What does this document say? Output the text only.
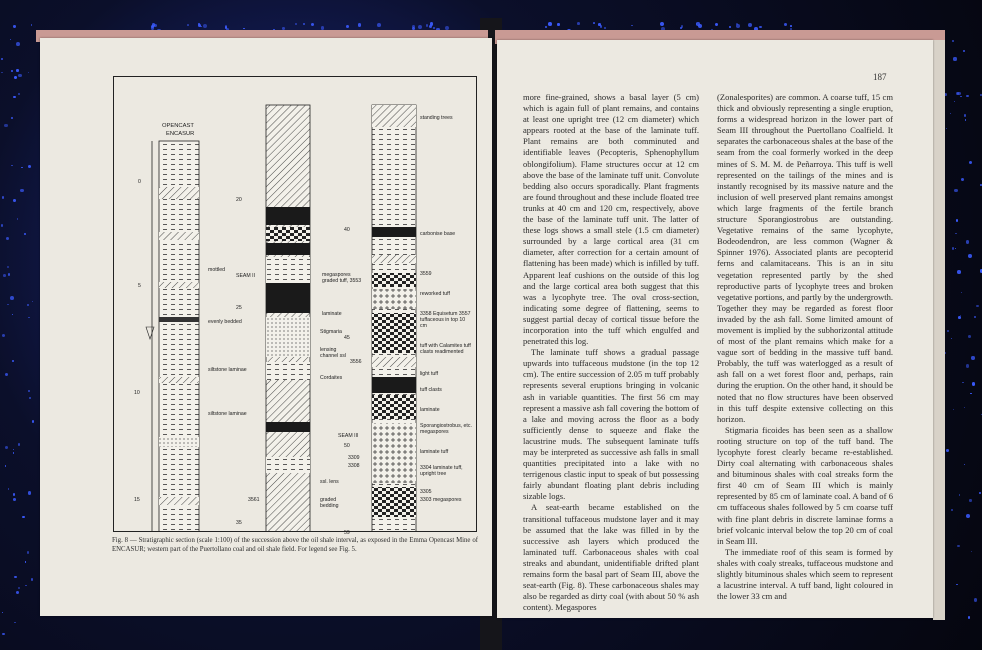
OPENCAST
ENCASUR
0
5
10
15
20
25
35
40
45
50
59
mottled
evenly bedded
siltstone laminae
siltstone laminae
SEAM II	megaspores graded tuff, 3553
laminate
Stigmaria
lensing channel ssl
3556
Cordaites
SEAM III
3309
3308
ssl. lens
graded bedding
3561
standing trees
carbonise base
3559
reworked tuff
3358 Equisetum 3557 tuffaceous in top 10 cm
tuff with Calamites tuff clasts readimented
light tuff
tuff clasts
laminate
Sporangiostrobus, etc. megaspores
laminate tuff
3304 laminate tuff, upright tree
3305
3303 megaspores
Fig. 8 — Stratigraphic section (scale 1:100) of the succession above the oil shale interval, as exposed in the Emma Opencast Mine of ENCASUR; western part of the Puertollano coal and oil shale field. For legend see Fig. 5.
187

more fine-grained, shows a basal layer (5 cm) which is again full of plant remains, and contains at least one upright tree (12 cm diameter) which appears rooted at the base of the laminate tuff. Plant remains are both comminuted and identifiable leaves (Pecopteris, Sphenophyllum oblongifolium). Flame structures occur at 12 cm above the base of the laminate tuff unit. Convolute bedding also occurs sporadically. Plant fragments are found throughout and these include floated tree trunks at 40 cm and 120 cm, respectively, above the base of the laminate tuff unit. The latter of these logs shows a small stele (1.5 cm diameter) surrounded by a large cortical area (31 cm diameter, after correction for a certain amount of flattening has been made) which is infilled by tuff. Apparent leaf cushions on the outside of this log and the large cortical area both suggest that this was a lycophyte tree. The oval cross-section, indicating some degree of flattening, seems to suggest partial decay of cortical tissue before the incorporation into the tuff which engulfed and penetrated this log.

The laminate tuff shows a gradual passage upwards into tuffaceous mudstone (in the top 12 cm). The entire succession of 2.05 m tuff probably represents several eruptions bringing in volcanic ash in variable quantities. The first 56 cm may represent a massive ash fall covering the bottom of a lake and moving across the floor as a body sufficiently dense to squeeze and flake the lacustrine muds. The subsequent laminate tuffs may be interpreted as successive ash falls in small quantities precipitated into a lake with no terrigenous clastic input to speak of but possessing fairly abundant floating plant debris including sizable logs.

A seat-earth became established on the transitional tuffaceous mudstone layer and it may be assumed that the lake was filled in by the successive ash layers which produced the laminated tuff. Carbonaceous shales with coal streaks and abundant, unidentifiable drifted plant remains form the basal part of Seam III, above the seat-earth (Fig. 8). These carbonaceous shales may also be regarded as dirty coal (with about 50 % ash content). Megaspores

(Zonalesporites) are common. A coarse tuff, 15 cm thick and obviously representing a single eruption, forms a widespread horizon in the lower part of Seam III throughout the Puertollano Coalfield. It separates the carbonaceous shales at the base of the seam from the coal formerly worked in the deep mines of S. M. M. de Peñarroya. This tuff is well represented on the tailings of the mines and is instantly recognised by its massive nature and the inclusion of well preserved plant remains amongst which large fragments of the fertile branch structure Sporangiostrobus are outstanding. Vegetative remains of the same lycophyte, Bodeodendron, are less common (Wagner & Spinner 1976). Associated plants are pecopterid ferns and calamitaceans. This is an in situ vegetation represented partly by the shed reproductive parts of lycophyte trees and broken vegetative portions, and partly by the undergrowth. Together they may be regarded as forest floor invaded by the ash fall. Some limited amount of movement is implied by the subhorizontal attitude of most of the plant remains which make for a vague sort of bedding in the massive tuff band. Probably, the tuff was waterlogged as a result of ash fall on a wet forest floor and, perhaps, rain during the eruption. On the other hand, it should be noted that no flow structures have been observed in this tuff despite extensive collecting on this horizon.

Stigmaria ficoides has been seen as a shallow rooting structure on top of the tuff band. The lycophyte forest clearly became re-established. Dirty coal alternating with carbonaceous shales and bituminous shales with coal streaks form the first 40 cm of Seam III which is mainly represented by 85 cm of laminate coal. A band of 6 cm tuffaceous shales followed by 5 cm coarse tuff with fine plant debris in discrete laminae forms a brief volcanic interval below the top 20 cm of coal in Seam III.

The immediate roof of this seam is formed by shales with coaly streaks, tuffaceous mudstone and slightly bituminous shales which seem to represent a lacustrine interval. A tuff band, light coloured in the lower 33 cm and
